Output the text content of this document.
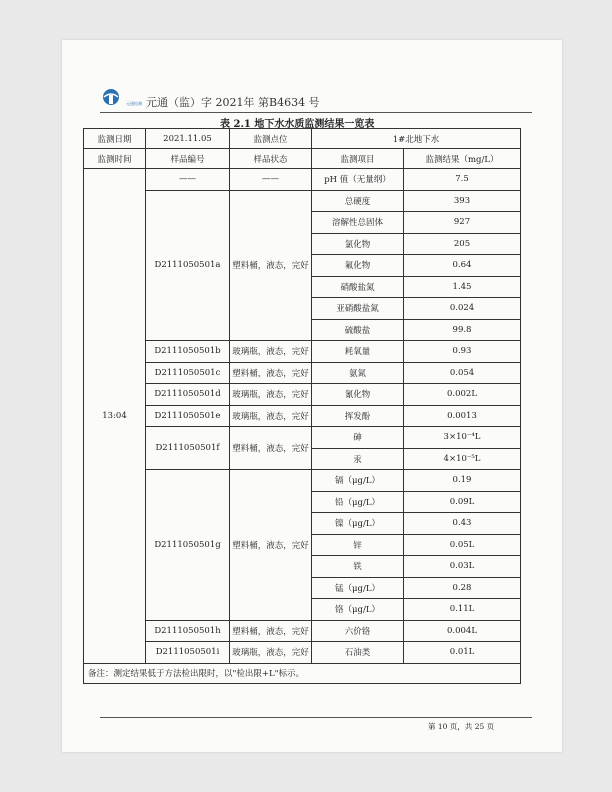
元通检测 元通（监）字 2021年 第B4634 号
表 2.1 地下水水质监测结果一览表
监测日期	2021.11.05	监测点位	1#北地下水	
监测时间	样品编号	样品状态	监测项目	监测结果（mg/L）
13:04	——	——	pH 值（无量纲）	7.5
	D2111050501a	塑料桶，液态，完好	总硬度	393
			溶解性总固体	927
			氯化物	205
			氟化物	0.64
			硝酸盐氮	1.45
			亚硝酸盐氮	0.024
			硫酸盐	99.8
	D2111050501b	玻璃瓶，液态，完好	耗氧量	0.93
	D2111050501c	塑料桶，液态，完好	氨氮	0.054
	D2111050501d	玻璃瓶，液态，完好	氰化物	0.002L
	D2111050501e	玻璃瓶，液态，完好	挥发酚	0.0013
	D2111050501f	塑料桶，液态，完好	砷	3×10⁻⁴L
			汞	4×10⁻⁵L
	D2111050501g	塑料桶，液态，完好	镉（μg/L）	0.19
			铅（μg/L）	0.09L
			镍（μg/L）	0.43
			锌	0.05L
			铁	0.03L
			锰（μg/L）	0.28
			铬（μg/L）	0.11L
	D2111050501h	塑料桶，液态，完好	六价铬	0.004L
	D2111050501i	玻璃瓶，液态，完好	石油类	0.01L
备注：测定结果低于方法检出限时，以"检出限+L"标示。				
第 10 页，共 25 页
